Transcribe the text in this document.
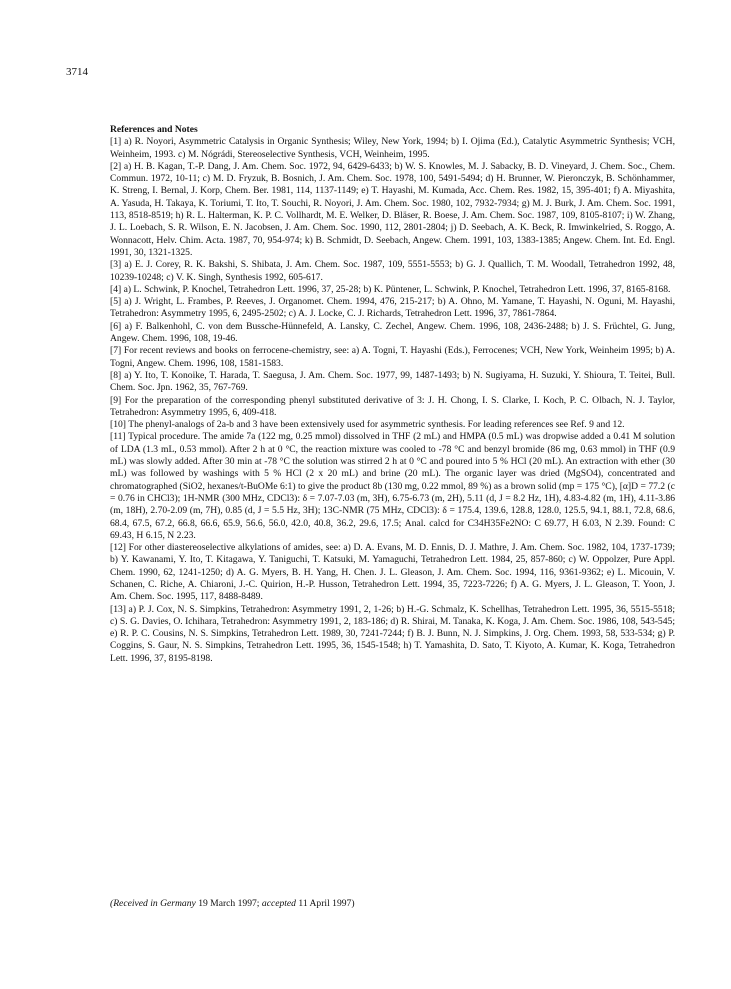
3714

References and Notes

[1] a) R. Noyori, Asymmetric Catalysis in Organic Synthesis; Wiley, New York, 1994; b) I. Ojima (Ed.), Catalytic Asymmetric Synthesis; VCH, Weinheim, 1993. c) M. Nógrádi, Stereoselective Synthesis, VCH, Weinheim, 1995.

[2] a) H. B. Kagan, T.-P. Dang, J. Am. Chem. Soc. 1972, 94, 6429-6433; b) W. S. Knowles, M. J. Sabacky, B. D. Vineyard, J. Chem. Soc., Chem. Commun. 1972, 10-11; c) M. D. Fryzuk, B. Bosnich, J. Am. Chem. Soc. 1978, 100, 5491-5494; d) H. Brunner, W. Pieronczyk, B. Schönhammer, K. Streng, I. Bernal, J. Korp, Chem. Ber. 1981, 114, 1137-1149; e) T. Hayashi, M. Kumada, Acc. Chem. Res. 1982, 15, 395-401; f) A. Miyashita, A. Yasuda, H. Takaya, K. Toriumi, T. Ito, T. Souchi, R. Noyori, J. Am. Chem. Soc. 1980, 102, 7932-7934; g) M. J. Burk, J. Am. Chem. Soc. 1991, 113, 8518-8519; h) R. L. Halterman, K. P. C. Vollhardt, M. E. Welker, D. Bläser, R. Boese, J. Am. Chem. Soc. 1987, 109, 8105-8107; i) W. Zhang, J. L. Loebach, S. R. Wilson, E. N. Jacobsen, J. Am. Chem. Soc. 1990, 112, 2801-2804; j) D. Seebach, A. K. Beck, R. Imwinkelried, S. Roggo, A. Wonnacott, Helv. Chim. Acta. 1987, 70, 954-974; k) B. Schmidt, D. Seebach, Angew. Chem. 1991, 103, 1383-1385; Angew. Chem. Int. Ed. Engl. 1991, 30, 1321-1325.

[3] a) E. J. Corey, R. K. Bakshi, S. Shibata, J. Am. Chem. Soc. 1987, 109, 5551-5553; b) G. J. Quallich, T. M. Woodall, Tetrahedron 1992, 48, 10239-10248; c) V. K. Singh, Synthesis 1992, 605-617.

[4] a) L. Schwink, P. Knochel, Tetrahedron Lett. 1996, 37, 25-28; b) K. Püntener, L. Schwink, P. Knochel, Tetrahedron Lett. 1996, 37, 8165-8168.

[5] a) J. Wright, L. Frambes, P. Reeves, J. Organomet. Chem. 1994, 476, 215-217; b) A. Ohno, M. Yamane, T. Hayashi, N. Oguni, M. Hayashi, Tetrahedron: Asymmetry 1995, 6, 2495-2502; c) A. J. Locke, C. J. Richards, Tetrahedron Lett. 1996, 37, 7861-7864.

[6] a) F. Balkenhohl, C. von dem Bussche-Hünnefeld, A. Lansky, C. Zechel, Angew. Chem. 1996, 108, 2436-2488; b) J. S. Früchtel, G. Jung, Angew. Chem. 1996, 108, 19-46.

[7] For recent reviews and books on ferrocene-chemistry, see: a) A. Togni, T. Hayashi (Eds.), Ferrocenes; VCH, New York, Weinheim 1995; b) A. Togni, Angew. Chem. 1996, 108, 1581-1583.

[8] a) Y. Ito, T. Konoike, T. Harada, T. Saegusa, J. Am. Chem. Soc. 1977, 99, 1487-1493; b) N. Sugiyama, H. Suzuki, Y. Shioura, T. Teitei, Bull. Chem. Soc. Jpn. 1962, 35, 767-769.

[9] For the preparation of the corresponding phenyl substituted derivative of 3: J. H. Chong, I. S. Clarke, I. Koch, P. C. Olbach, N. J. Taylor, Tetrahedron: Asymmetry 1995, 6, 409-418.

[10] The phenyl-analogs of 2a-b and 3 have been extensively used for asymmetric synthesis. For leading references see Ref. 9 and 12.

[11] Typical procedure. The amide 7a (122 mg, 0.25 mmol) dissolved in THF (2 mL) and HMPA (0.5 mL) was dropwise added a 0.41 M solution of LDA (1.3 mL, 0.53 mmol). After 2 h at 0 °C, the reaction mixture was cooled to -78 °C and benzyl bromide (86 mg, 0.63 mmol) in THF (0.9 mL) was slowly added. After 30 min at -78 °C the solution was stirred 2 h at 0 °C and poured into 5 % HCl (20 mL). An extraction with ether (30 mL) was followed by washings with 5 % HCl (2 x 20 mL) and brine (20 mL). The organic layer was dried (MgSO4), concentrated and chromatographed (SiO2, hexanes/t-BuOMe 6:1) to give the product 8b (130 mg, 0.22 mmol, 89 %) as a brown solid (mp = 175 °C), [α]D = 77.2 (c = 0.76 in CHCl3); 1H-NMR (300 MHz, CDCl3): δ = 7.07-7.03 (m, 3H), 6.75-6.73 (m, 2H), 5.11 (d, J = 8.2 Hz, 1H), 4.83-4.82 (m, 1H), 4.11-3.86 (m, 18H), 2.70-2.09 (m, 7H), 0.85 (d, J = 5.5 Hz, 3H); 13C-NMR (75 MHz, CDCl3): δ = 175.4, 139.6, 128.8, 128.0, 125.5, 94.1, 88.1, 72.8, 68.6, 68.4, 67.5, 67.2, 66.8, 66.6, 65.9, 56.6, 56.0, 42.0, 40.8, 36.2, 29.6, 17.5; Anal. calcd for C34H35Fe2NO: C 69.77, H 6.03, N 2.39. Found: C 69.43, H 6.15, N 2.23.

[12] For other diastereoselective alkylations of amides, see: a) D. A. Evans, M. D. Ennis, D. J. Mathre, J. Am. Chem. Soc. 1982, 104, 1737-1739; b) Y. Kawanami, Y. Ito, T. Kitagawa, Y. Taniguchi, T. Katsuki, M. Yamaguchi, Tetrahedron Lett. 1984, 25, 857-860; c) W. Oppolzer, Pure Appl. Chem. 1990, 62, 1241-1250; d) A. G. Myers, B. H. Yang, H. Chen. J. L. Gleason, J. Am. Chem. Soc. 1994, 116, 9361-9362; e) L. Micouin, V. Schanen, C. Riche, A. Chiaroni, J.-C. Quirion, H.-P. Husson, Tetrahedron Lett. 1994, 35, 7223-7226; f) A. G. Myers, J. L. Gleason, T. Yoon, J. Am. Chem. Soc. 1995, 117, 8488-8489.

[13] a) P. J. Cox, N. S. Simpkins, Tetrahedron: Asymmetry 1991, 2, 1-26; b) H.-G. Schmalz, K. Schellhas, Tetrahedron Lett. 1995, 36, 5515-5518; c) S. G. Davies, O. Ichihara, Tetrahedron: Asymmetry 1991, 2, 183-186; d) R. Shirai, M. Tanaka, K. Koga, J. Am. Chem. Soc. 1986, 108, 543-545; e) R. P. C. Cousins, N. S. Simpkins, Tetrahedron Lett. 1989, 30, 7241-7244; f) B. J. Bunn, N. J. Simpkins, J. Org. Chem. 1993, 58, 533-534; g) P. Coggins, S. Gaur, N. S. Simpkins, Tetrahedron Lett. 1995, 36, 1545-1548; h) T. Yamashita, D. Sato, T. Kiyoto, A. Kumar, K. Koga, Tetrahedron Lett. 1996, 37, 8195-8198.

(Received in Germany 19 March 1997; accepted 11 April 1997)
